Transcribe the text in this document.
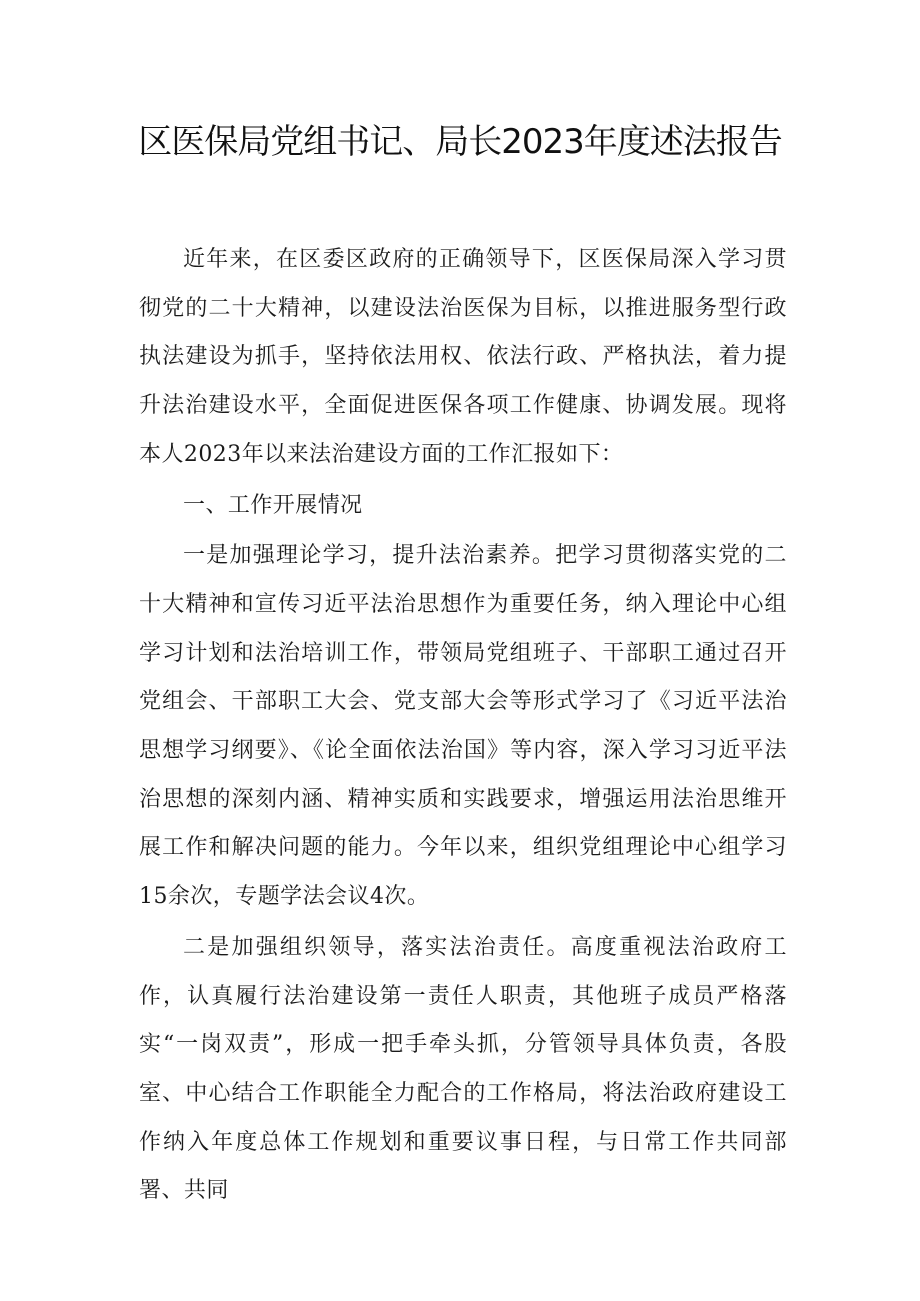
区医保局党组书记、局长2023年度述法报告

近年来，在区委区政府的正确领导下，区医保局深入学习贯彻党的二十大精神，以建设法治医保为目标，以推进服务型行政执法建设为抓手，坚持依法用权、依法行政、严格执法，着力提升法治建设水平，全面促进医保各项工作健康、协调发展。现将本人2023年以来法治建设方面的工作汇报如下：

一、工作开展情况

一是加强理论学习，提升法治素养。把学习贯彻落实党的二十大精神和宣传习近平法治思想作为重要任务，纳入理论中心组学习计划和法治培训工作，带领局党组班子、干部职工通过召开党组会、干部职工大会、党支部大会等形式学习了《习近平法治思想学习纲要》、《论全面依法治国》等内容，深入学习习近平法治思想的深刻内涵、精神实质和实践要求，增强运用法治思维开展工作和解决问题的能力。今年以来，组织党组理论中心组学习15余次，专题学法会议4次。

二是加强组织领导，落实法治责任。高度重视法治政府工作，认真履行法治建设第一责任人职责，其他班子成员严格落实“一岗双责”，形成一把手牵头抓，分管领导具体负责，各股室、中心结合工作职能全力配合的工作格局，将法治政府建设工作纳入年度总体工作规划和重要议事日程，与日常工作共同部署、共同
